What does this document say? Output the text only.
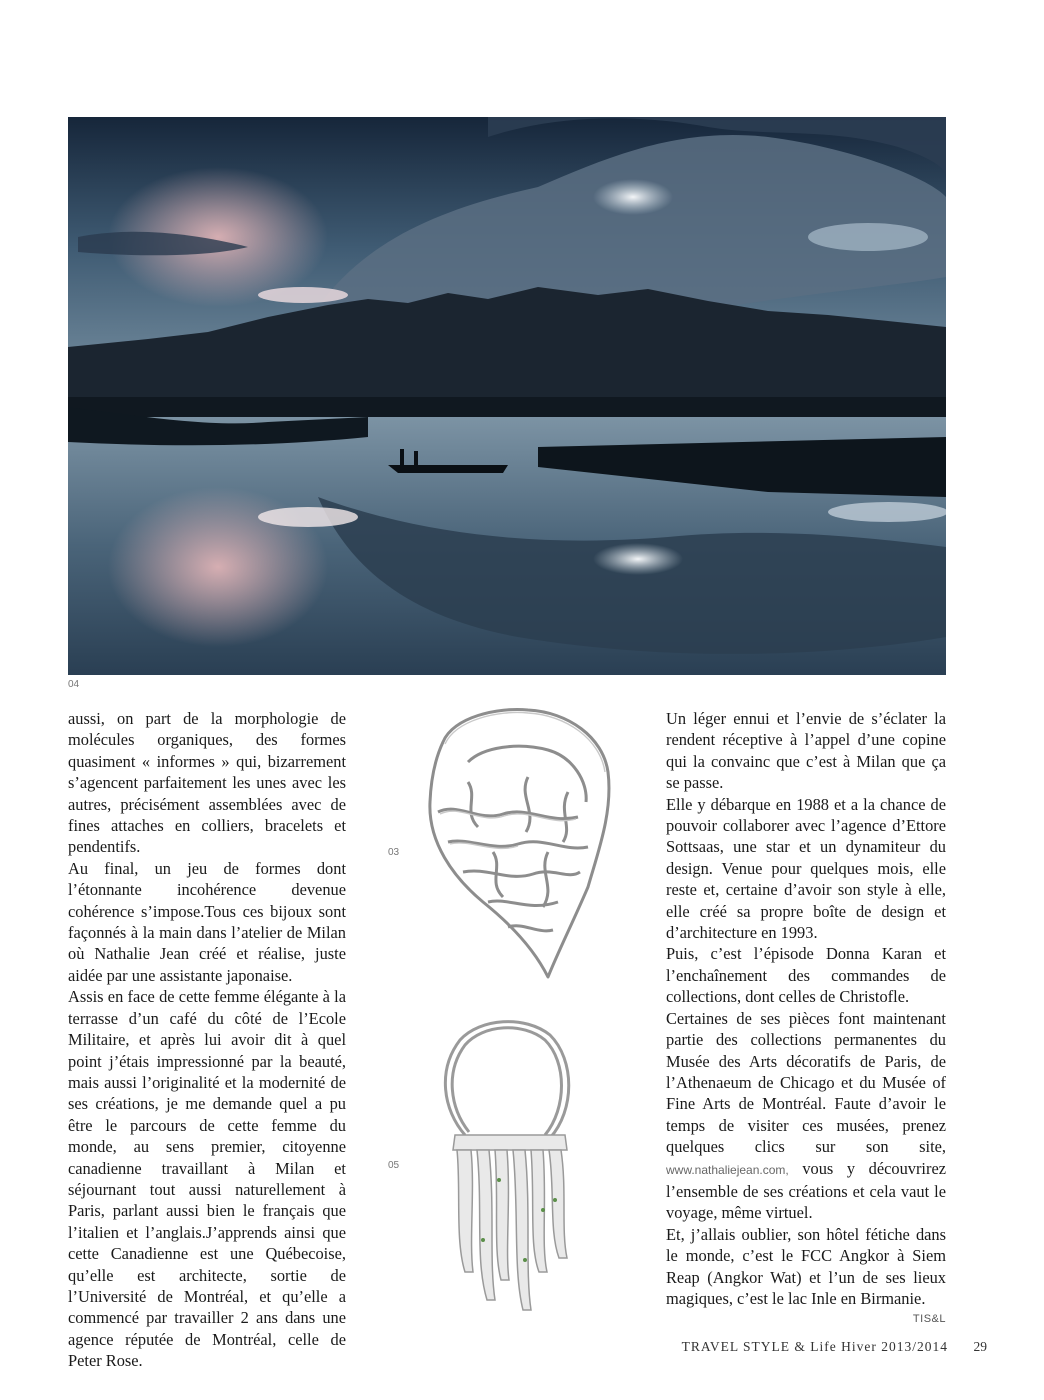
04

aussi, on part de la morphologie de molécules organiques, des formes quasiment « informes » qui, bizarrement s’agencent parfaitement les unes avec les autres, précisément assemblées avec de fines attaches en colliers, bracelets et pendentifs.

Au final, un jeu de formes dont l’étonnante incohérence devenue cohérence s’impose.Tous ces bijoux sont façonnés à la main dans l’atelier de Milan où Nathalie Jean créé et réalise, juste aidée par une assistante japonaise.

Assis en face de cette femme élégante à la terrasse d’un café du côté de l’Ecole Militaire, et après lui avoir dit à quel point j’étais impressionné par la beauté, mais aussi l’originalité et la modernité de ses créations, je me demande quel a pu être le parcours de cette femme du monde, au sens premier, citoyenne canadienne travaillant à Milan et séjournant tout aussi naturellement à Paris, parlant aussi bien le français que l’italien et l’anglais.J’apprends ainsi que cette Canadienne est une Québecoise, qu’elle est architecte, sortie de l’Université de Montréal, et qu’elle a commencé par travailler 2 ans dans une agence réputée de Montréal, celle de Peter Rose.

03
05

Un léger ennui et l’envie de s’éclater la rendent réceptive à l’appel d’une copine qui la convainc que c’est à Milan que ça se passe.

Elle y débarque en 1988 et a la chance de pouvoir collaborer avec l’agence d’Ettore Sottsaas, une star et un dynamiteur du design. Venue pour quelques mois, elle reste et, certaine d’avoir son style à elle, elle créé sa propre boîte de design et d’architecture en 1993.

Puis, c’est l’épisode Donna Karan et l’enchaînement des commandes de collections, dont celles de Christofle.

Certaines de ses pièces font maintenant partie des collections permanentes du Musée des Arts décoratifs de Paris, de l’Athenaeum de Chicago et du Musée of Fine Arts de Montréal. Faute d’avoir le temps de visiter ces musées, prenez quelques clics sur son site, www.nathaliejean.com, vous y découvrirez l’ensemble de ses créations et cela vaut le voyage, même virtuel.

Et, j’allais oublier, son hôtel fétiche dans le monde, c’est le FCC Angkor à Siem Reap (Angkor Wat) et l’un de ses lieux magiques, c’est le lac Inle en Birmanie.
TIS&L

TRAVEL STYLE & Life Hiver 2013/2014 29
